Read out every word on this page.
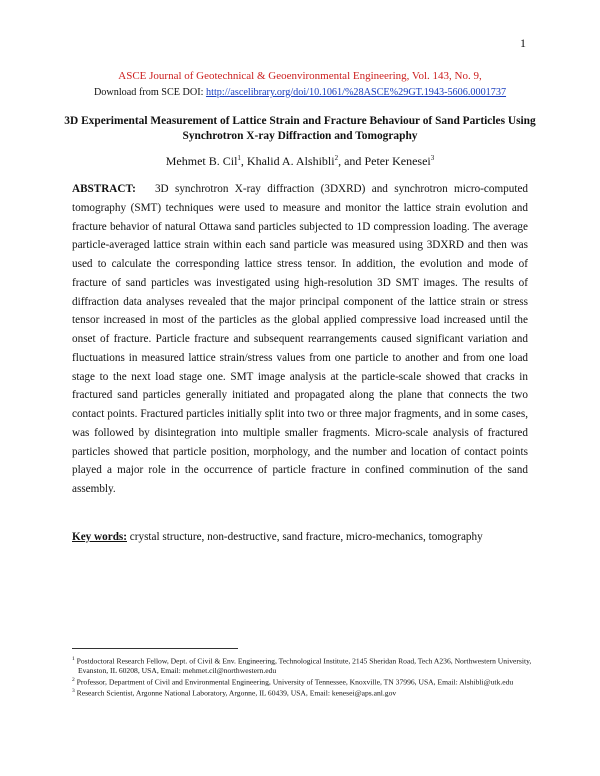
1
ASCE Journal of Geotechnical & Geoenvironmental Engineering, Vol. 143, No. 9,
Download from SCE DOI: http://ascelibrary.org/doi/10.1061/%28ASCE%29GT.1943-5606.0001737
3D Experimental Measurement of Lattice Strain and Fracture Behaviour of Sand Particles Using Synchrotron X-ray Diffraction and Tomography
Mehmet B. Cil$^1$, Khalid A. Alshibli$^2$, and Peter Kenesei$^3$

ABSTRACT: 3D synchrotron X-ray diffraction (3DXRD) and synchrotron micro-computed tomography (SMT) techniques were used to measure and monitor the lattice strain evolution and fracture behavior of natural Ottawa sand particles subjected to 1D compression loading. The average particle-averaged lattice strain within each sand particle was measured using 3DXRD and then was used to calculate the corresponding lattice stress tensor. In addition, the evolution and mode of fracture of sand particles was investigated using high-resolution 3D SMT images. The results of diffraction data analyses revealed that the major principal component of the lattice strain or stress tensor increased in most of the particles as the global applied compressive load increased until the onset of fracture. Particle fracture and subsequent rearrangements caused significant variation and fluctuations in measured lattice strain/stress values from one particle to another and from one load stage to the next load stage one. SMT image analysis at the particle-scale showed that cracks in fractured sand particles generally initiated and propagated along the plane that connects the two contact points. Fractured particles initially split into two or three major fragments, and in some cases, was followed by disintegration into multiple smaller fragments. Micro-scale analysis of fractured particles showed that particle position, morphology, and the number and location of contact points played a major role in the occurrence of particle fracture in confined comminution of the sand assembly.

Key words: crystal structure, non-destructive, sand fracture, micro-mechanics, tomography
$^1$ Postdoctoral Research Fellow, Dept. of Civil & Env. Engineering, Technological Institute, 2145 Sheridan Road, Tech A236, Northwestern University, Evanston, IL 60208, USA, Email: mehmet.cil@northwestern.edu
$^2$ Professor, Department of Civil and Environmental Engineering, University of Tennessee, Knoxville, TN 37996, USA, Email: Alshibli@utk.edu
$^3$ Research Scientist, Argonne National Laboratory, Argonne, IL 60439, USA, Email: kenesei@aps.anl.gov
